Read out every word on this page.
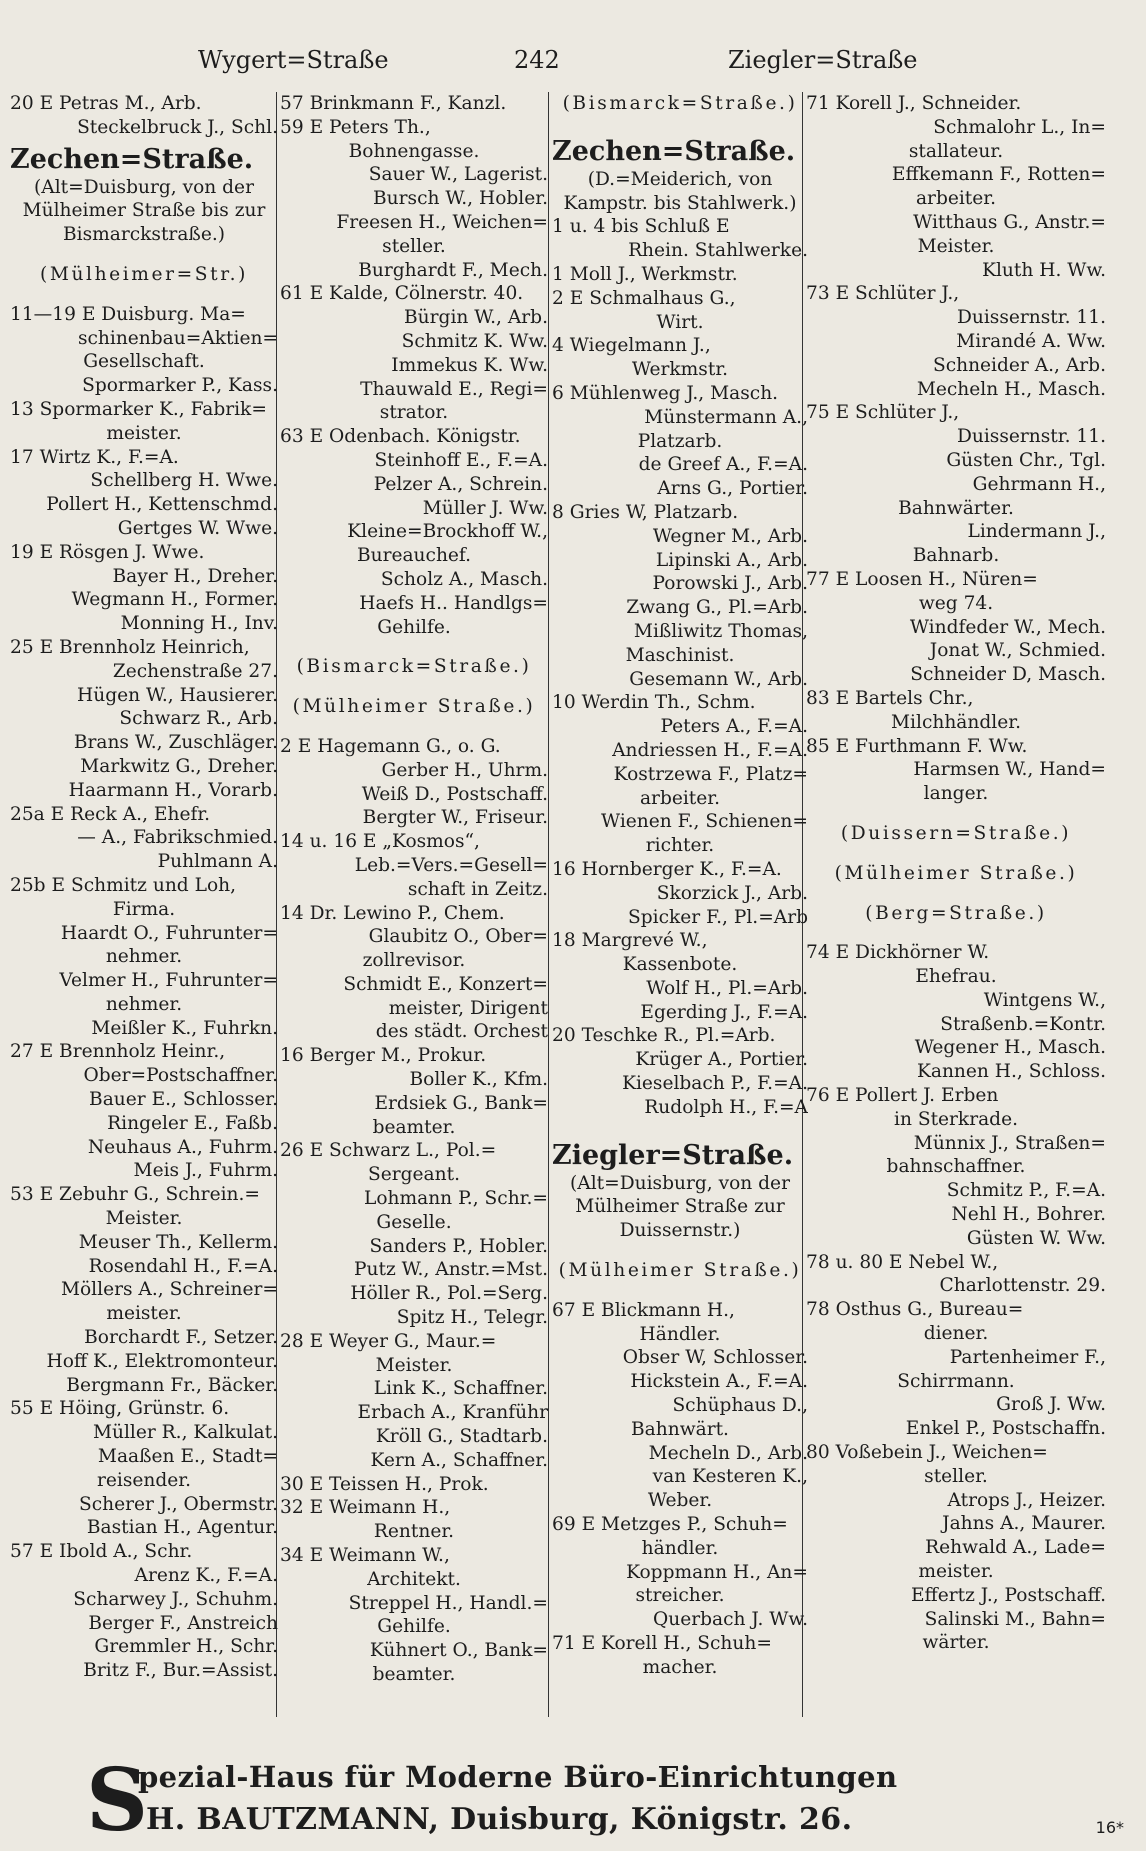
Wygert=Straße	242	Ziegler=Straße
20 E Petras M., Arb.
Steckelbruck J., Schl.
Zechen=Straße.
(Alt=Duisburg, von der
Mülheimer Straße bis zur
Bismarckstraße.)
(Mülheimer=Str.)
11—19 E Duisburg. Ma=
schinenbau=Aktien=
Gesellschaft.
Spormarker P., Kass.
13 Spormarker K., Fabrik=
meister.
17 Wirtz K., F.=A.
Schellberg H. Wwe.
Pollert H., Kettenschmd.
Gertges W. Wwe.
19 E Rösgen J. Wwe.
Bayer H., Dreher.
Wegmann H., Former.
Monning H., Inv.
25 E Brennholz Heinrich,
Zechenstraße 27.
Hügen W., Hausierer.
Schwarz R., Arb.
Brans W., Zuschläger.
Markwitz G., Dreher.
Haarmann H., Vorarb.
25a E Reck A., Ehefr.
— A., Fabrikschmied.
Puhlmann A.
25b E Schmitz und Loh,
Firma.
Haardt O., Fuhrunter=
nehmer.
Velmer H., Fuhrunter=
nehmer.
Meißler K., Fuhrkn.
27 E Brennholz Heinr.,
Ober=Postschaffner.
Bauer E., Schlosser.
Ringeler E., Faßb.
Neuhaus A., Fuhrm.
Meis J., Fuhrm.
53 E Zebuhr G., Schrein.=
Meister.
Meuser Th., Kellerm.
Rosendahl H., F.=A.
Möllers A., Schreiner=
meister.
Borchardt F., Setzer.
Hoff K., Elektromonteur.
Bergmann Fr., Bäcker.
55 E Höing, Grünstr. 6.
Müller R., Kalkulat.
Maaßen E., Stadt=
reisender.
Scherer J., Obermstr.
Bastian H., Agentur.
57 E Ibold A., Schr.
Arenz K., F.=A.
Scharwey J., Schuhm.
Berger F., Anstreich
Gremmler H., Schr.
Britz F., Bur.=Assist.
57 Brinkmann F., Kanzl.
59 E Peters Th.,
Bohnengasse.
Sauer W., Lagerist.
Bursch W., Hobler.
Freesen H., Weichen=
steller.
Burghardt F., Mech.
61 E Kalde, Cölnerstr. 40.
Bürgin W., Arb.
Schmitz K. Ww.
Immekus K. Ww.
Thauwald E., Regi=
strator.
63 E Odenbach. Königstr.
Steinhoff E., F.=A.
Pelzer A., Schrein.
Müller J. Ww.
Kleine=Brockhoff W.,
Bureauchef.
Scholz A., Masch.
Haefs H.. Handlgs=
Gehilfe.
(Bismarck=Straße.)
(Mülheimer Straße.)
2 E Hagemann G., o. G.
Gerber H., Uhrm.
Weiß D., Postschaff.
Bergter W., Friseur.
14 u. 16 E „Kosmos“,
Leb.=Vers.=Gesell=
schaft in Zeitz.
14 Dr. Lewino P., Chem.
Glaubitz O., Ober=
zollrevisor.
Schmidt E., Konzert=
meister, Dirigent
des städt. Orchest
16 Berger M., Prokur.
Boller K., Kfm.
Erdsiek G., Bank=
beamter.
26 E Schwarz L., Pol.=
Sergeant.
Lohmann P., Schr.=
Geselle.
Sanders P., Hobler.
Putz W., Anstr.=Mst.
Höller R., Pol.=Serg.
Spitz H., Telegr.
28 E Weyer G., Maur.=
Meister.
Link K., Schaffner.
Erbach A., Kranführ
Kröll G., Stadtarb.
Kern A., Schaffner.
30 E Teissen H., Prok.
32 E Weimann H.,
Rentner.
34 E Weimann W.,
Architekt.
Streppel H., Handl.=
Gehilfe.
Kühnert O., Bank=
beamter.
(Bismarck=Straße.)
Zechen=Straße.
(D.=Meiderich, von
Kampstr. bis Stahlwerk.)
1 u. 4 bis Schluß E
Rhein. Stahlwerke.
1 Moll J., Werkmstr.
2 E Schmalhaus G.,
Wirt.
4 Wiegelmann J.,
Werkmstr.
6 Mühlenweg J., Masch.
Münstermann A.,
Platzarb.
de Greef A., F.=A.
Arns G., Portier.
8 Gries W, Platzarb.
Wegner M., Arb.
Lipinski A., Arb.
Porowski J., Arb.
Zwang G., Pl.=Arb.
Mißliwitz Thomas,
Maschinist.
Gesemann W., Arb.
10 Werdin Th., Schm.
Peters A., F.=A.
Andriessen H., F.=A.
Kostrzewa F., Platz=
arbeiter.
Wienen F., Schienen=
richter.
16 Hornberger K., F.=A.
Skorzick J., Arb.
Spicker F., Pl.=Arb
18 Margrevé W.,
Kassenbote.
Wolf H., Pl.=Arb.
Egerding J., F.=A.
20 Teschke R., Pl.=Arb.
Krüger A., Portier.
Kieselbach P., F.=A.
Rudolph H., F.=A
Ziegler=Straße.
(Alt=Duisburg, von der
Mülheimer Straße zur
Duissernstr.)
(Mülheimer Straße.)
67 E Blickmann H.,
Händler.
Obser W, Schlosser.
Hickstein A., F.=A.
Schüphaus D.,
Bahnwärt.
Mecheln D., Arb.
van Kesteren K.,
Weber.
69 E Metzges P., Schuh=
händler.
Koppmann H., An=
streicher.
Querbach J. Ww.
71 E Korell H., Schuh=
macher.
71 Korell J., Schneider.
Schmalohr L., In=
stallateur.
Effkemann F., Rotten=
arbeiter.
Witthaus G., Anstr.=
Meister.
Kluth H. Ww.
73 E Schlüter J.,
Duissernstr. 11.
Mirandé A. Ww.
Schneider A., Arb.
Mecheln H., Masch.
75 E Schlüter J.,
Duissernstr. 11.
Güsten Chr., Tgl.
Gehrmann H.,
Bahnwärter.
Lindermann J.,
Bahnarb.
77 E Loosen H., Nüren=
weg 74.
Windfeder W., Mech.
Jonat W., Schmied.
Schneider D, Masch.
83 E Bartels Chr.,
Milchhändler.
85 E Furthmann F. Ww.
Harmsen W., Hand=
langer.
(Duissern=Straße.)
(Mülheimer Straße.)
(Berg=Straße.)
74 E Dickhörner W.
Ehefrau.
Wintgens W.,
Straßenb.=Kontr.
Wegener H., Masch.
Kannen H., Schloss.
76 E Pollert J. Erben
in Sterkrade.
Münnix J., Straßen=
bahnschaffner.
Schmitz P., F.=A.
Nehl H., Bohrer.
Güsten W. Ww.
78 u. 80 E Nebel W.,
Charlottenstr. 29.
78 Osthus G., Bureau=
diener.
Partenheimer F.,
Schirrmann.
Groß J. Ww.
Enkel P., Postschaffn.
80 Voßebein J., Weichen=
steller.
Atrops J., Heizer.
Jahns A., Maurer.
Rehwald A., Lade=
meister.
Effertz J., Postschaff.
Salinski M., Bahn=
wärter.
S
pezial-Haus für Moderne Büro-Einrichtungen
H. BAUTZMANN, Duisburg, Königstr. 26.	16*
